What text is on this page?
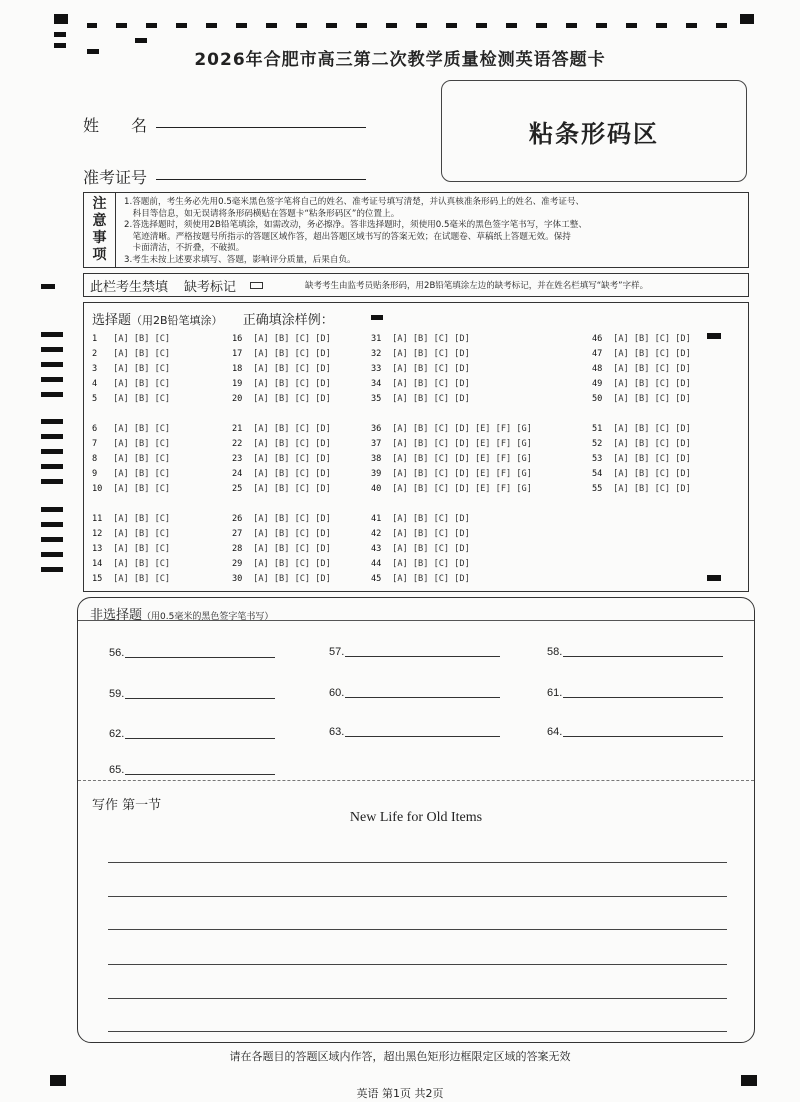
2026年合肥市高三第二次教学质量检测英语答题卡
姓　　名
准考证号
粘条形码区
注
意
事
项
1.答题前，考生务必先用0.5毫米黑色签字笔将自己的姓名、准考证号填写清楚，并认真核准条形码上的姓名、准考证号、
　科目等信息，如无误请将条形码横贴在答题卡“粘条形码区”的位置上。
2.答选择题时，须使用2B铅笔填涂，如需改动，务必擦净。答非选择题时，须使用0.5毫米的黑色签字笔书写，字体工整、
　笔迹清晰。严格按题号所指示的答题区域作答，超出答题区域书写的答案无效；在试题卷、草稿纸上答题无效。保持
　卡面清洁，不折叠，不破损。
3.考生未按上述要求填写、答题，影响评分质量，后果自负。
此栏考生禁填 缺考标记	缺考考生由监考员贴条形码，用2B铅笔填涂左边的缺考标记，并在姓名栏填写“缺考”字样。
选择题（用2B铅笔填涂） 正确填涂样例：
1 [A] [B] [C]	16 [A] [B] [C] [D]	31 [A] [B] [C] [D]	46 [A] [B] [C] [D]
2 [A] [B] [C]	17 [A] [B] [C] [D]	32 [A] [B] [C] [D]	47 [A] [B] [C] [D]
3 [A] [B] [C]	18 [A] [B] [C] [D]	33 [A] [B] [C] [D]	48 [A] [B] [C] [D]
4 [A] [B] [C]	19 [A] [B] [C] [D]	34 [A] [B] [C] [D]	49 [A] [B] [C] [D]
5 [A] [B] [C]	20 [A] [B] [C] [D]	35 [A] [B] [C] [D]	50 [A] [B] [C] [D]
6 [A] [B] [C]	21 [A] [B] [C] [D]	36 [A] [B] [C] [D] [E] [F] [G]	51 [A] [B] [C] [D]
7 [A] [B] [C]	22 [A] [B] [C] [D]	37 [A] [B] [C] [D] [E] [F] [G]	52 [A] [B] [C] [D]
8 [A] [B] [C]	23 [A] [B] [C] [D]	38 [A] [B] [C] [D] [E] [F] [G]	53 [A] [B] [C] [D]
9 [A] [B] [C]	24 [A] [B] [C] [D]	39 [A] [B] [C] [D] [E] [F] [G]	54 [A] [B] [C] [D]
10 [A] [B] [C]	25 [A] [B] [C] [D]	40 [A] [B] [C] [D] [E] [F] [G]	55 [A] [B] [C] [D]
11 [A] [B] [C]	26 [A] [B] [C] [D]	41 [A] [B] [C] [D]
12 [A] [B] [C]	27 [A] [B] [C] [D]	42 [A] [B] [C] [D]
13 [A] [B] [C]	28 [A] [B] [C] [D]	43 [A] [B] [C] [D]
14 [A] [B] [C]	29 [A] [B] [C] [D]	44 [A] [B] [C] [D]
15 [A] [B] [C]	30 [A] [B] [C] [D]	45 [A] [B] [C] [D]
非选择题（用0.5毫米的黑色签字笔书写）
56.	57.	58.
59.	60.	61.
62.	63.	64.
65.
写作 第一节
New Life for Old Items
请在各题目的答题区域内作答，超出黑色矩形边框限定区域的答案无效
英语 第1页 共2页
